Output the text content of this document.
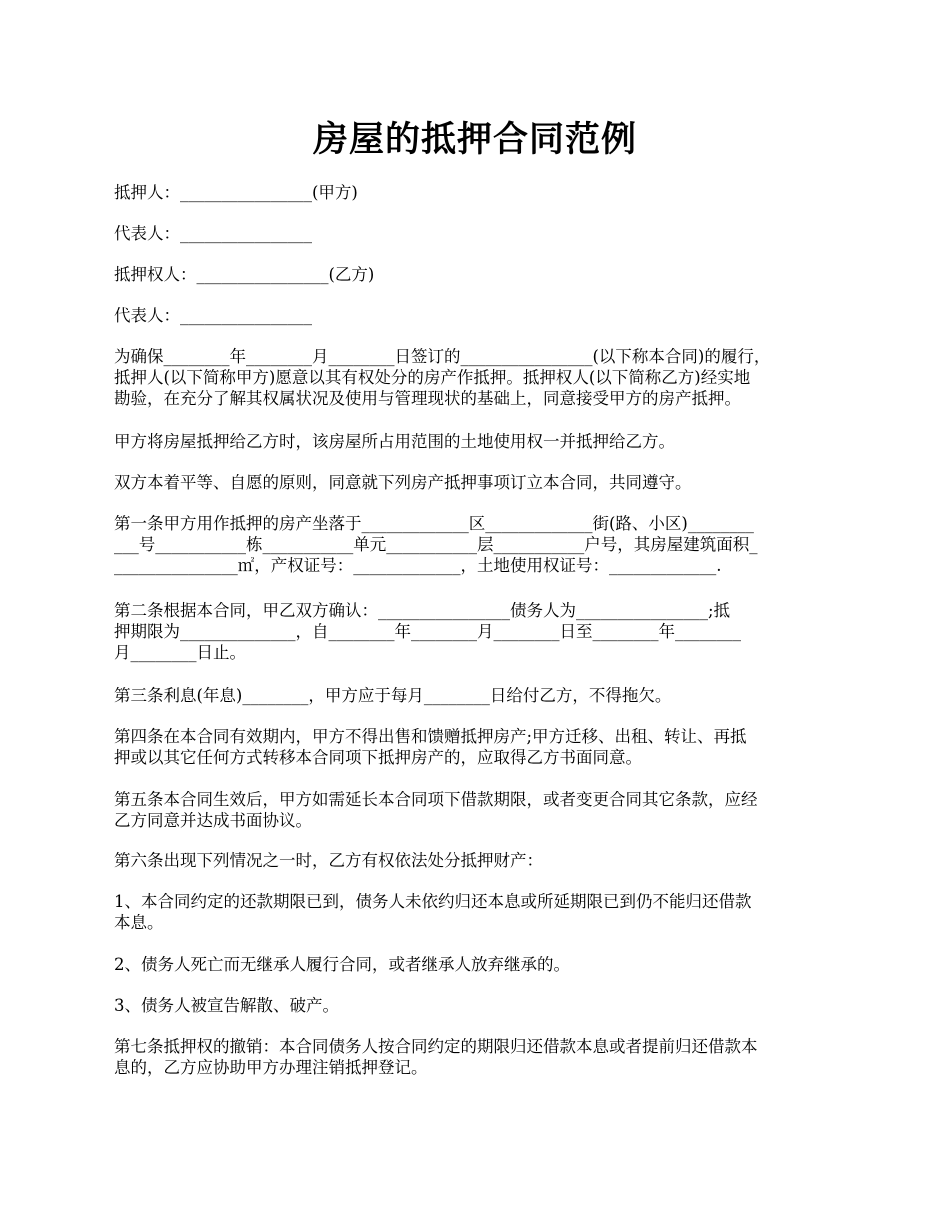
房屋的抵押合同范例
抵押人：________________(甲方)
代表人：________________
抵押权人：________________(乙方)
代表人：________________
为确保________年________月________日签订的________________(以下称本合同)的履行，
抵押人(以下简称甲方)愿意以其有权处分的房产作抵押。抵押权人(以下简称乙方)经实地
勘验，在充分了解其权属状况及使用与管理现状的基础上，同意接受甲方的房产抵押。
甲方将房屋抵押给乙方时，该房屋所占用范围的土地使用权一并抵押给乙方。
双方本着平等、自愿的原则，同意就下列房产抵押事项订立本合同，共同遵守。
第一条甲方用作抵押的房产坐落于_____________区_____________街(路、小区)________
___号___________栋___________单元___________层___________户号，其房屋建筑面积_
_______________㎡，产权证号：_____________，土地使用权证号：_____________.
第二条根据本合同，甲乙双方确认：________________债务人为________________;抵
押期限为______________，自________年________月________日至________年________
月________日止。
第三条利息(年息)________，甲方应于每月________日给付乙方，不得拖欠。
第四条在本合同有效期内，甲方不得出售和馈赠抵押房产;甲方迁移、出租、转让、再抵
押或以其它任何方式转移本合同项下抵押房产的，应取得乙方书面同意。
第五条本合同生效后，甲方如需延长本合同项下借款期限，或者变更合同其它条款，应经
乙方同意并达成书面协议。
第六条出现下列情况之一时，乙方有权依法处分抵押财产：
1、本合同约定的还款期限已到，债务人未依约归还本息或所延期限已到仍不能归还借款
本息。
2、债务人死亡而无继承人履行合同，或者继承人放弃继承的。
3、债务人被宣告解散、破产。
第七条抵押权的撤销：本合同债务人按合同约定的期限归还借款本息或者提前归还借款本
息的，乙方应协助甲方办理注销抵押登记。
